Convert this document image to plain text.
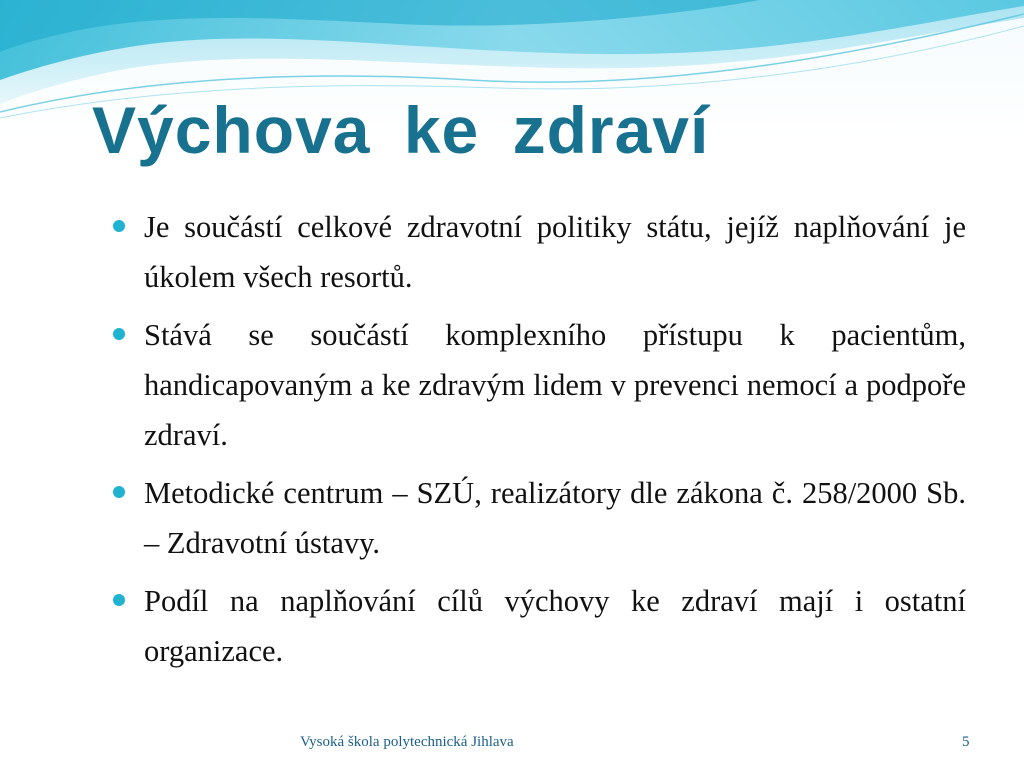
Výchova ke zdraví
Je součástí celkové zdravotní politiky státu, jejíž naplňování je úkolem všech resortů.
Stává se součástí komplexního přístupu k pacientům, handicapovaným a ke zdravým lidem v prevenci nemocí a podpoře zdraví.
Metodické centrum – SZÚ, realizátory dle zákona č. 258/2000 Sb. – Zdravotní ústavy.
Podíl na naplňování cílů výchovy ke zdraví mají i ostatní organizace.
Vysoká škola polytechnická Jihlava	5
